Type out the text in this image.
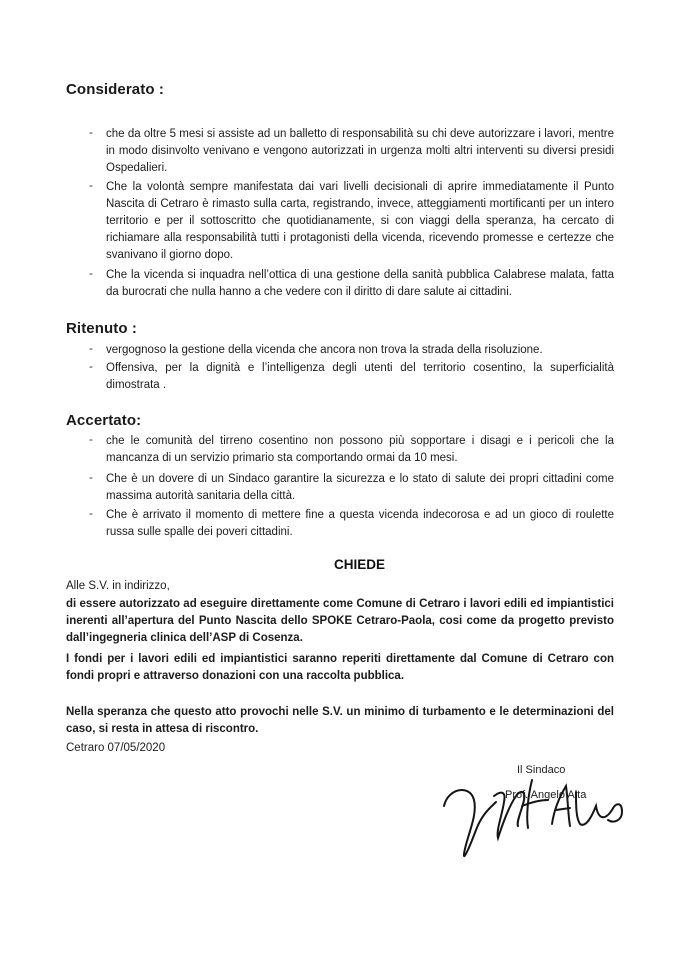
Considerato :
- che da oltre 5 mesi si assiste ad un balletto di responsabilità su chi deve autorizzare i lavori, mentre in modo disinvolto venivano e vengono autorizzati in urgenza molti altri interventi su diversi presidi Ospedalieri.
- Che la volontà sempre manifestata dai vari livelli decisionali di aprire immediatamente il Punto Nascita di Cetraro è rimasto sulla carta, registrando, invece, atteggiamenti mortificanti per un intero territorio e per il sottoscritto che quotidianamente, si con viaggi della speranza, ha cercato di richiamare alla responsabilità tutti i protagonisti della vicenda, ricevendo promesse e certezze che svanivano il giorno dopo.
- Che la vicenda si inquadra nell’ottica di una gestione della sanità pubblica Calabrese malata, fatta da burocrati che nulla hanno a che vedere con il diritto di dare salute ai cittadini.
Ritenuto :
- vergognoso la gestione della vicenda che ancora non trova la strada della risoluzione.
- Offensiva, per la dignità e l’intelligenza degli utenti del territorio cosentino, la superficialità dimostrata .
Accertato:
- che le comunità del tirreno cosentino non possono più sopportare i disagi e i pericoli che la mancanza di un servizio primario sta comportando ormai da 10 mesi.
- Che è un dovere di un Sindaco garantire la sicurezza e lo stato di salute dei propri cittadini come massima autorità sanitaria della città.
- Che è arrivato il momento di mettere fine a questa vicenda indecorosa e ad un gioco di roulette russa sulle spalle dei poveri cittadini.
CHIEDE
Alle S.V. in indirizzo,
di essere autorizzato ad eseguire direttamente come Comune di Cetraro i lavori edili ed impiantistici inerenti all’apertura del Punto Nascita dello SPOKE Cetraro-Paola, cosi come da progetto previsto dall’ingegneria clinica dell’ASP di Cosenza.
I fondi per i lavori edili ed impiantistici saranno reperiti direttamente dal Comune di Cetraro con fondi propri e attraverso donazioni con una raccolta pubblica.
Nella speranza che questo atto provochi nelle S.V. un minimo di turbamento e le determinazioni del caso, si resta in attesa di riscontro.
Cetraro 07/05/2020
Il Sindaco
Prof. Angelo Aita
